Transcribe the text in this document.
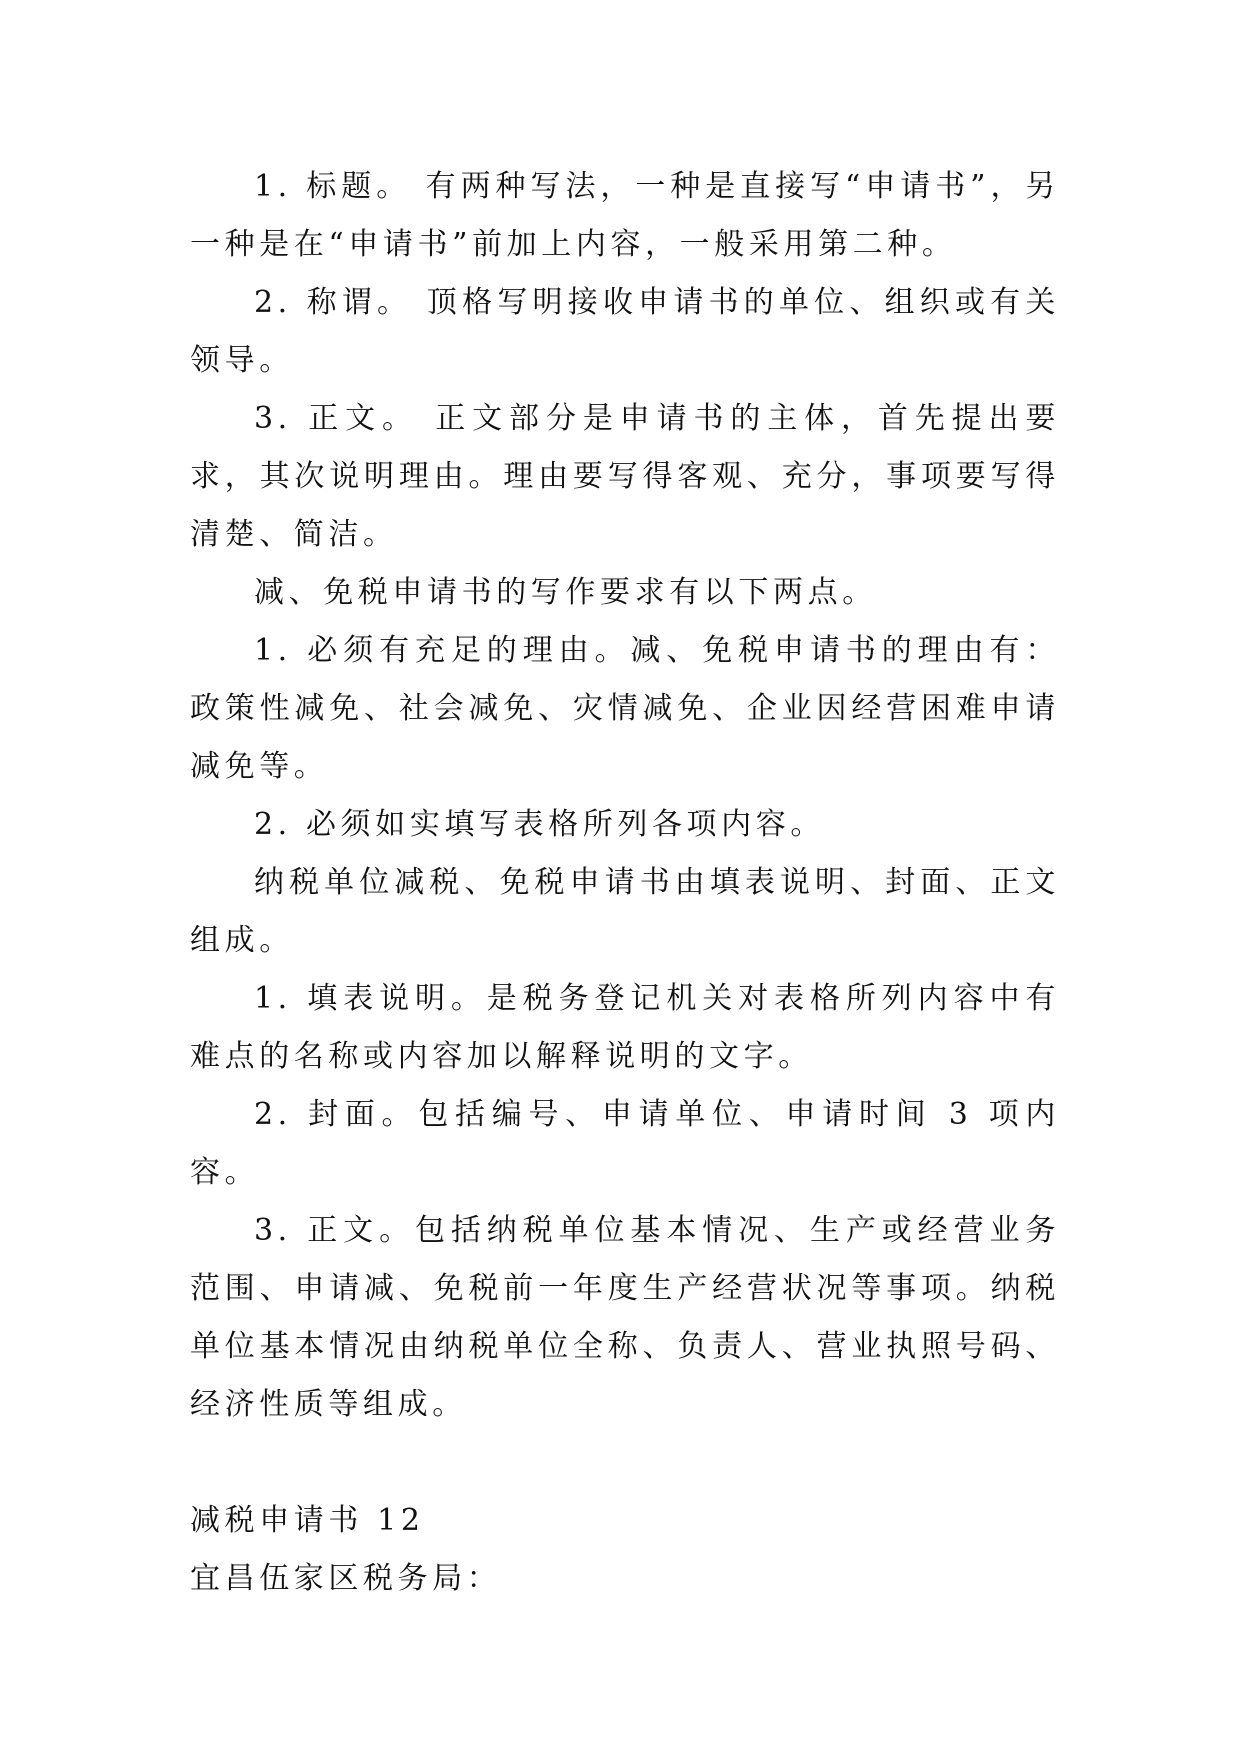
1. 标题。 有两种写法，一种是直接写“申请书”，另一种是在“申请书”前加上内容，一般采用第二种。

2. 称谓。 顶格写明接收申请书的单位、组织或有关领导。

3. 正文。 正文部分是申请书的主体，首先提出要求，其次说明理由。理由要写得客观、充分，事项要写得清楚、简洁。

减、免税申请书的写作要求有以下两点。

1. 必须有充足的理由。减、免税申请书的理由有：政策性减免、社会减免、灾情减免、企业因经营困难申请减免等。

2. 必须如实填写表格所列各项内容。

纳税单位减税、免税申请书由填表说明、封面、正文组成。

1. 填表说明。是税务登记机关对表格所列内容中有难点的名称或内容加以解释说明的文字。

2. 封面。包括编号、申请单位、申请时间 3 项内容。

3. 正文。包括纳税单位基本情况、生产或经营业务范围、申请减、免税前一年度生产经营状况等事项。纳税单位基本情况由纳税单位全称、负责人、营业执照号码、经济性质等组成。

减税申请书 12

宜昌伍家区税务局：
